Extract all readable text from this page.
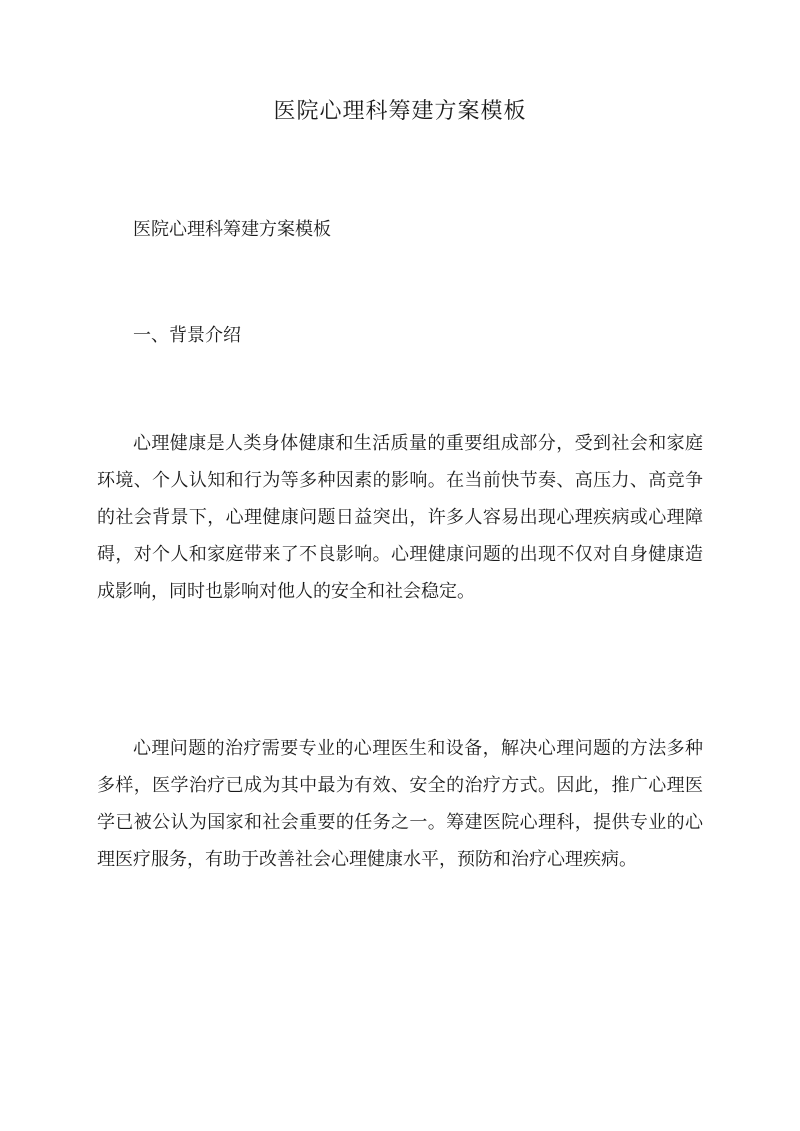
医院心理科筹建方案模板

医院心理科筹建方案模板

一、背景介绍

心理健康是人类身体健康和生活质量的重要组成部分，受到社会和家庭环境、个人认知和行为等多种因素的影响。在当前快节奏、高压力、高竞争的社会背景下，心理健康问题日益突出，许多人容易出现心理疾病或心理障碍，对个人和家庭带来了不良影响。心理健康问题的出现不仅对自身健康造成影响，同时也影响对他人的安全和社会稳定。

心理问题的治疗需要专业的心理医生和设备，解决心理问题的方法多种多样，医学治疗已成为其中最为有效、安全的治疗方式。因此，推广心理医学已被公认为国家和社会重要的任务之一。筹建医院心理科，提供专业的心理医疗服务，有助于改善社会心理健康水平，预防和治疗心理疾病。
